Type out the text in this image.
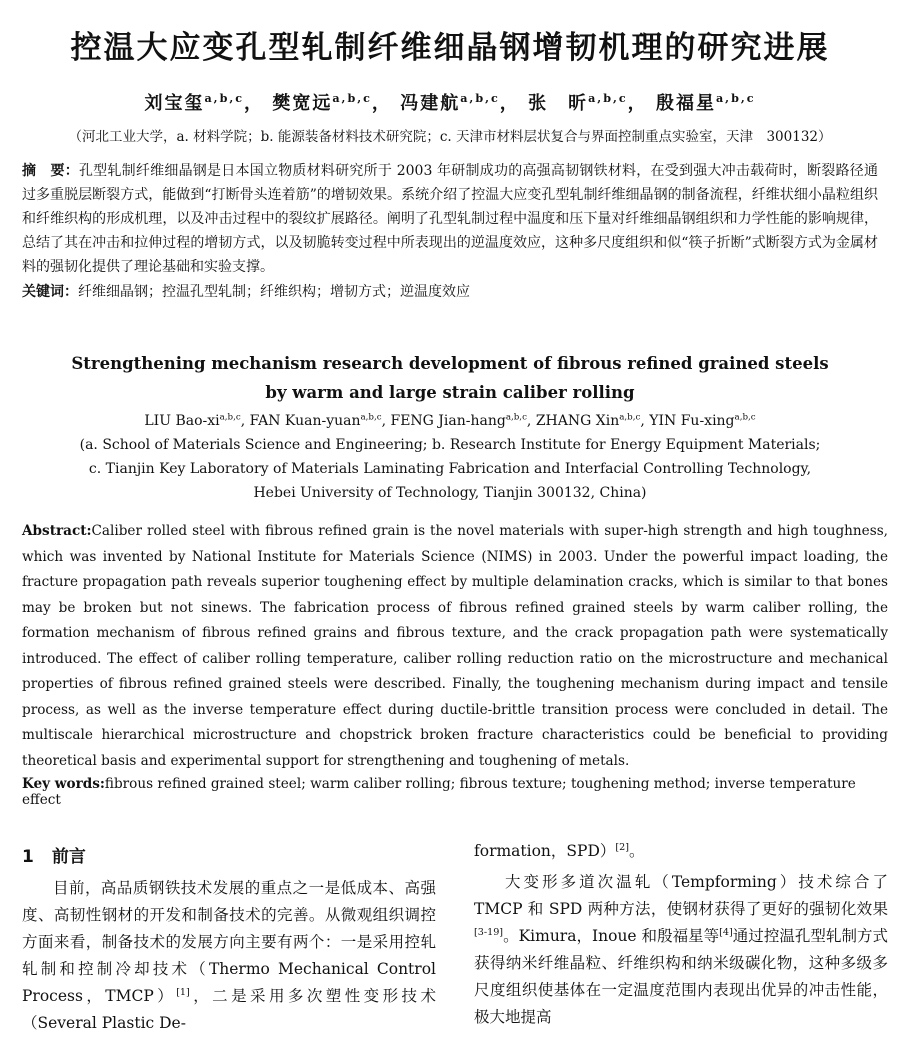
控温大应变孔型轧制纤维细晶钢增韧机理的研究进展
刘宝玺$^{a,b,c}$， 樊宽远$^{a,b,c}$， 冯建航$^{a,b,c}$， 张　昕$^{a,b,c}$， 殷福星$^{a,b,c}$
（河北工业大学，a. 材料学院；b. 能源装备材料技术研究院；c. 天津市材料层状复合与界面控制重点实验室，天津　300132）

摘　要：孔型轧制纤维细晶钢是日本国立物质材料研究所于 2003 年研制成功的高强高韧钢铁材料，在受到强大冲击载荷时，断裂路径通过多重脱层断裂方式，能做到“打断骨头连着筋”的增韧效果。系统介绍了控温大应变孔型轧制纤维细晶钢的制备流程，纤维状细小晶粒组织和纤维织构的形成机理，以及冲击过程中的裂纹扩展路径。阐明了孔型轧制过程中温度和压下量对纤维细晶钢组织和力学性能的影响规律，总结了其在冲击和拉伸过程的增韧方式，以及韧脆转变过程中所表现出的逆温度效应，这种多尺度组织和似“筷子折断”式断裂方式为金属材料的强韧化提供了理论基础和实验支撑。

关键词：纤维细晶钢；控温孔型轧制；纤维织构；增韧方式；逆温度效应

Strengthening mechanism research development of fibrous refined grained steels
by warm and large strain caliber rolling
LIU Bao-xi$^{a,b,c}$, FAN Kuan-yuan$^{a,b,c}$, FENG Jian-hang$^{a,b,c}$, ZHANG Xin$^{a,b,c}$, YIN Fu-xing$^{a,b,c}$
(a. School of Materials Science and Engineering; b. Research Institute for Energy Equipment Materials;
c. Tianjin Key Laboratory of Materials Laminating Fabrication and Interfacial Controlling Technology,
Hebei University of Technology, Tianjin 300132, China)

Abstract:Caliber rolled steel with fibrous refined grain is the novel materials with super-high strength and high toughness, which was invented by National Institute for Materials Science (NIMS) in 2003. Under the powerful impact loading, the fracture propagation path reveals superior toughening effect by multiple delamination cracks, which is similar to that bones may be broken but not sinews. The fabrication process of fibrous refined grained steels by warm caliber rolling, the formation mechanism of fibrous refined grains and fibrous texture, and the crack propagation path were systematically introduced. The effect of caliber rolling temperature, caliber rolling reduction ratio on the microstructure and mechanical properties of fibrous refined grained steels were described. Finally, the toughening mechanism during impact and tensile process, as well as the inverse temperature effect during ductile-brittle transition process were concluded in detail. The multiscale hierarchical microstructure and chopstrick broken fracture characteristics could be beneficial to providing theoretical basis and experimental support for strengthening and toughening of metals.

Key words:fibrous refined grained steel; warm caliber rolling; fibrous texture; toughening method; inverse temperature effect

1 前言

目前，高品质钢铁技术发展的重点之一是低成本、高强度、高韧性钢材的开发和制备技术的完善。从微观组织调控方面来看，制备技术的发展方向主要有两个：一是采用控轧轧制和控制冷却技术（Thermo Mechanical Control Process，TMCP）[1]，二是采用多次塑性变形技术（Several Plastic De-

formation，SPD）[2]。

大变形多道次温轧（Tempforming）技术综合了 TMCP 和 SPD 两种方法，使钢材获得了更好的强韧化效果[3-19]。Kimura，Inoue 和殷福星等[4]通过控温孔型轧制方式获得纳米纤维晶粒、纤维织构和纳米级碳化物，这种多级多尺度组织使基体在一定温度范围内表现出优异的冲击性能，极大地提高
